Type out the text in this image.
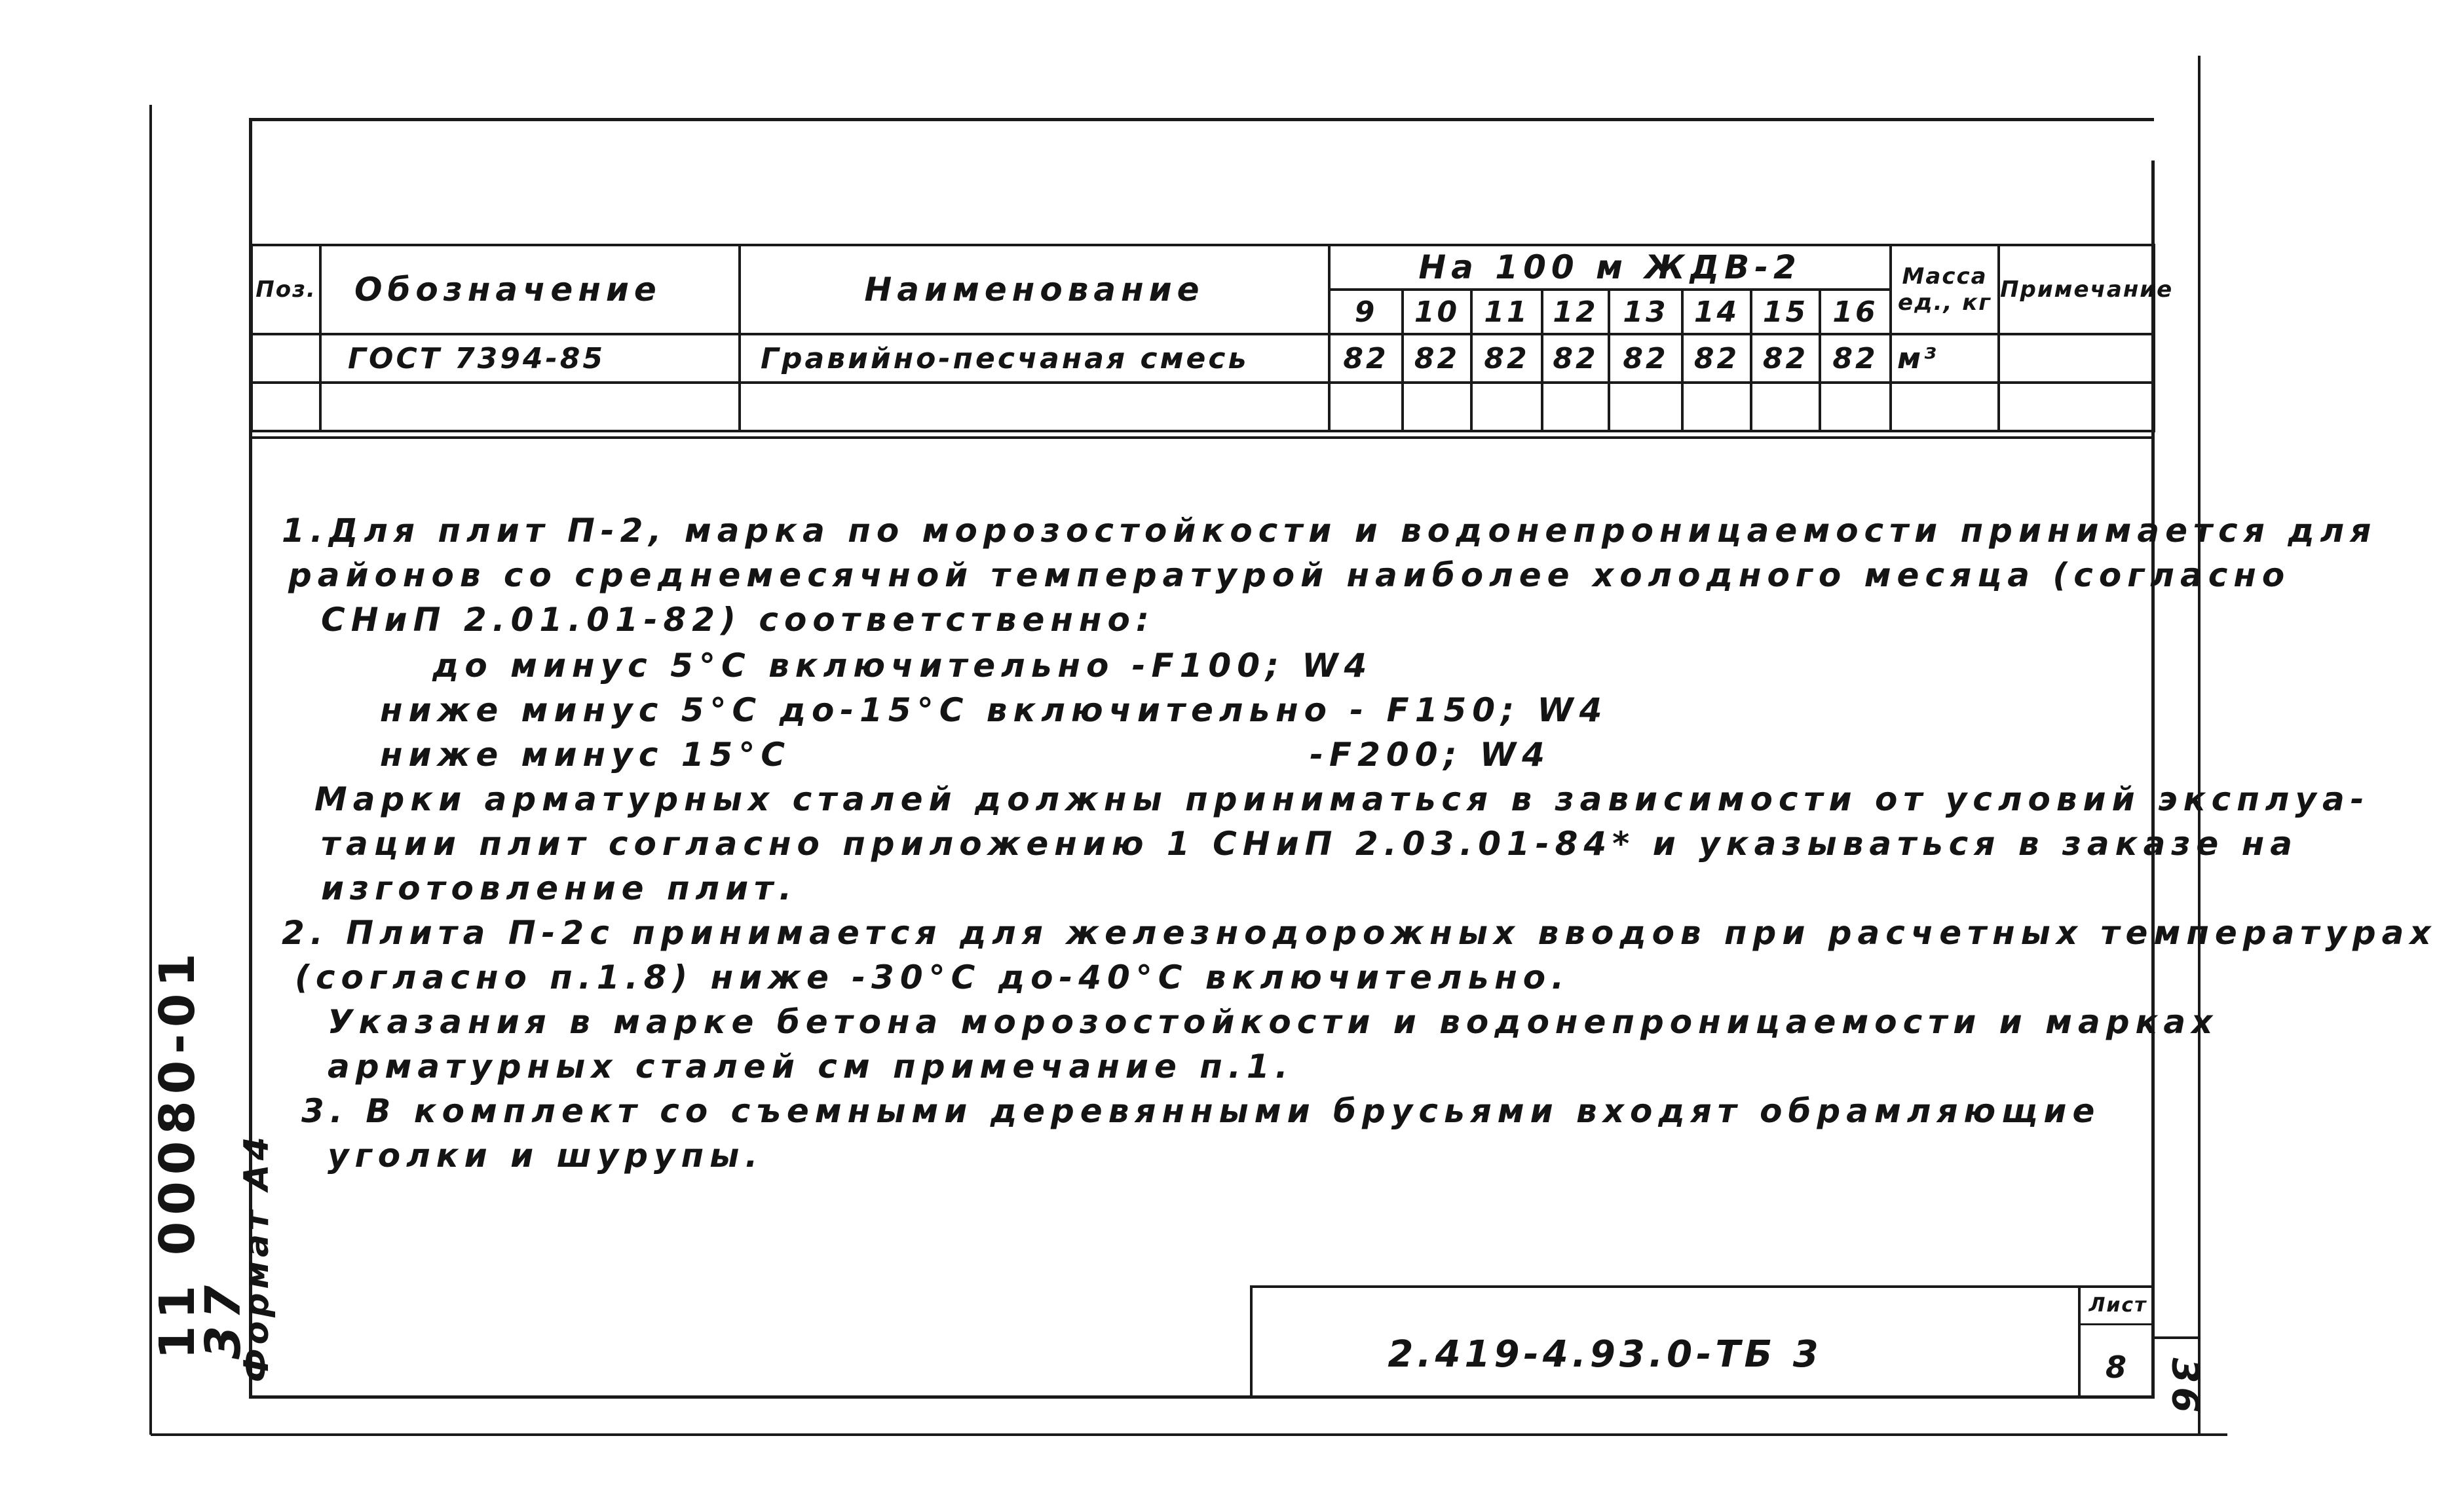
Поз.	Обозначение	Наименование	На 100 м ЖДВ-2								Масса ед., кг	Примечание
			9	10	11	12	13	14	15	16		
	ГОСТ 7394-85	Гравийно-песчаная смесь	82	82	82	82	82	82	82	82	м³	

1.Для плит П-2, марка по морозостойкости и водонепроницаемости принимается для
районов со среднемесячной температурой наиболее холодного месяца (согласно
СНиП 2.01.01-82) соответственно:
до минус 5°С включительно -F100; W4
ниже минус 5°С до-15°С включительно - F150; W4
ниже минус 15°С                              -F200; W4
Марки арматурных сталей должны приниматься в зависимости от условий эксплуа-
тации плит согласно приложению 1 СНиП 2.03.01-84* и указываться в заказе на
изготовление плит.
2. Плита П-2с принимается для железнодорожных вводов при расчетных температурах
(согласно п.1.8) ниже -30°С до-40°С включительно.
Указания в марке бетона морозостойкости и водонепроницаемости и марках
арматурных сталей см примечание п.1.
3. В комплект со съемными деревянными брусьями входят обрамляющие
уголки и шурупы.
2.419-4.93.0-ТБ 3
Лист
8 36
11 00080-01
37
Формат А4
